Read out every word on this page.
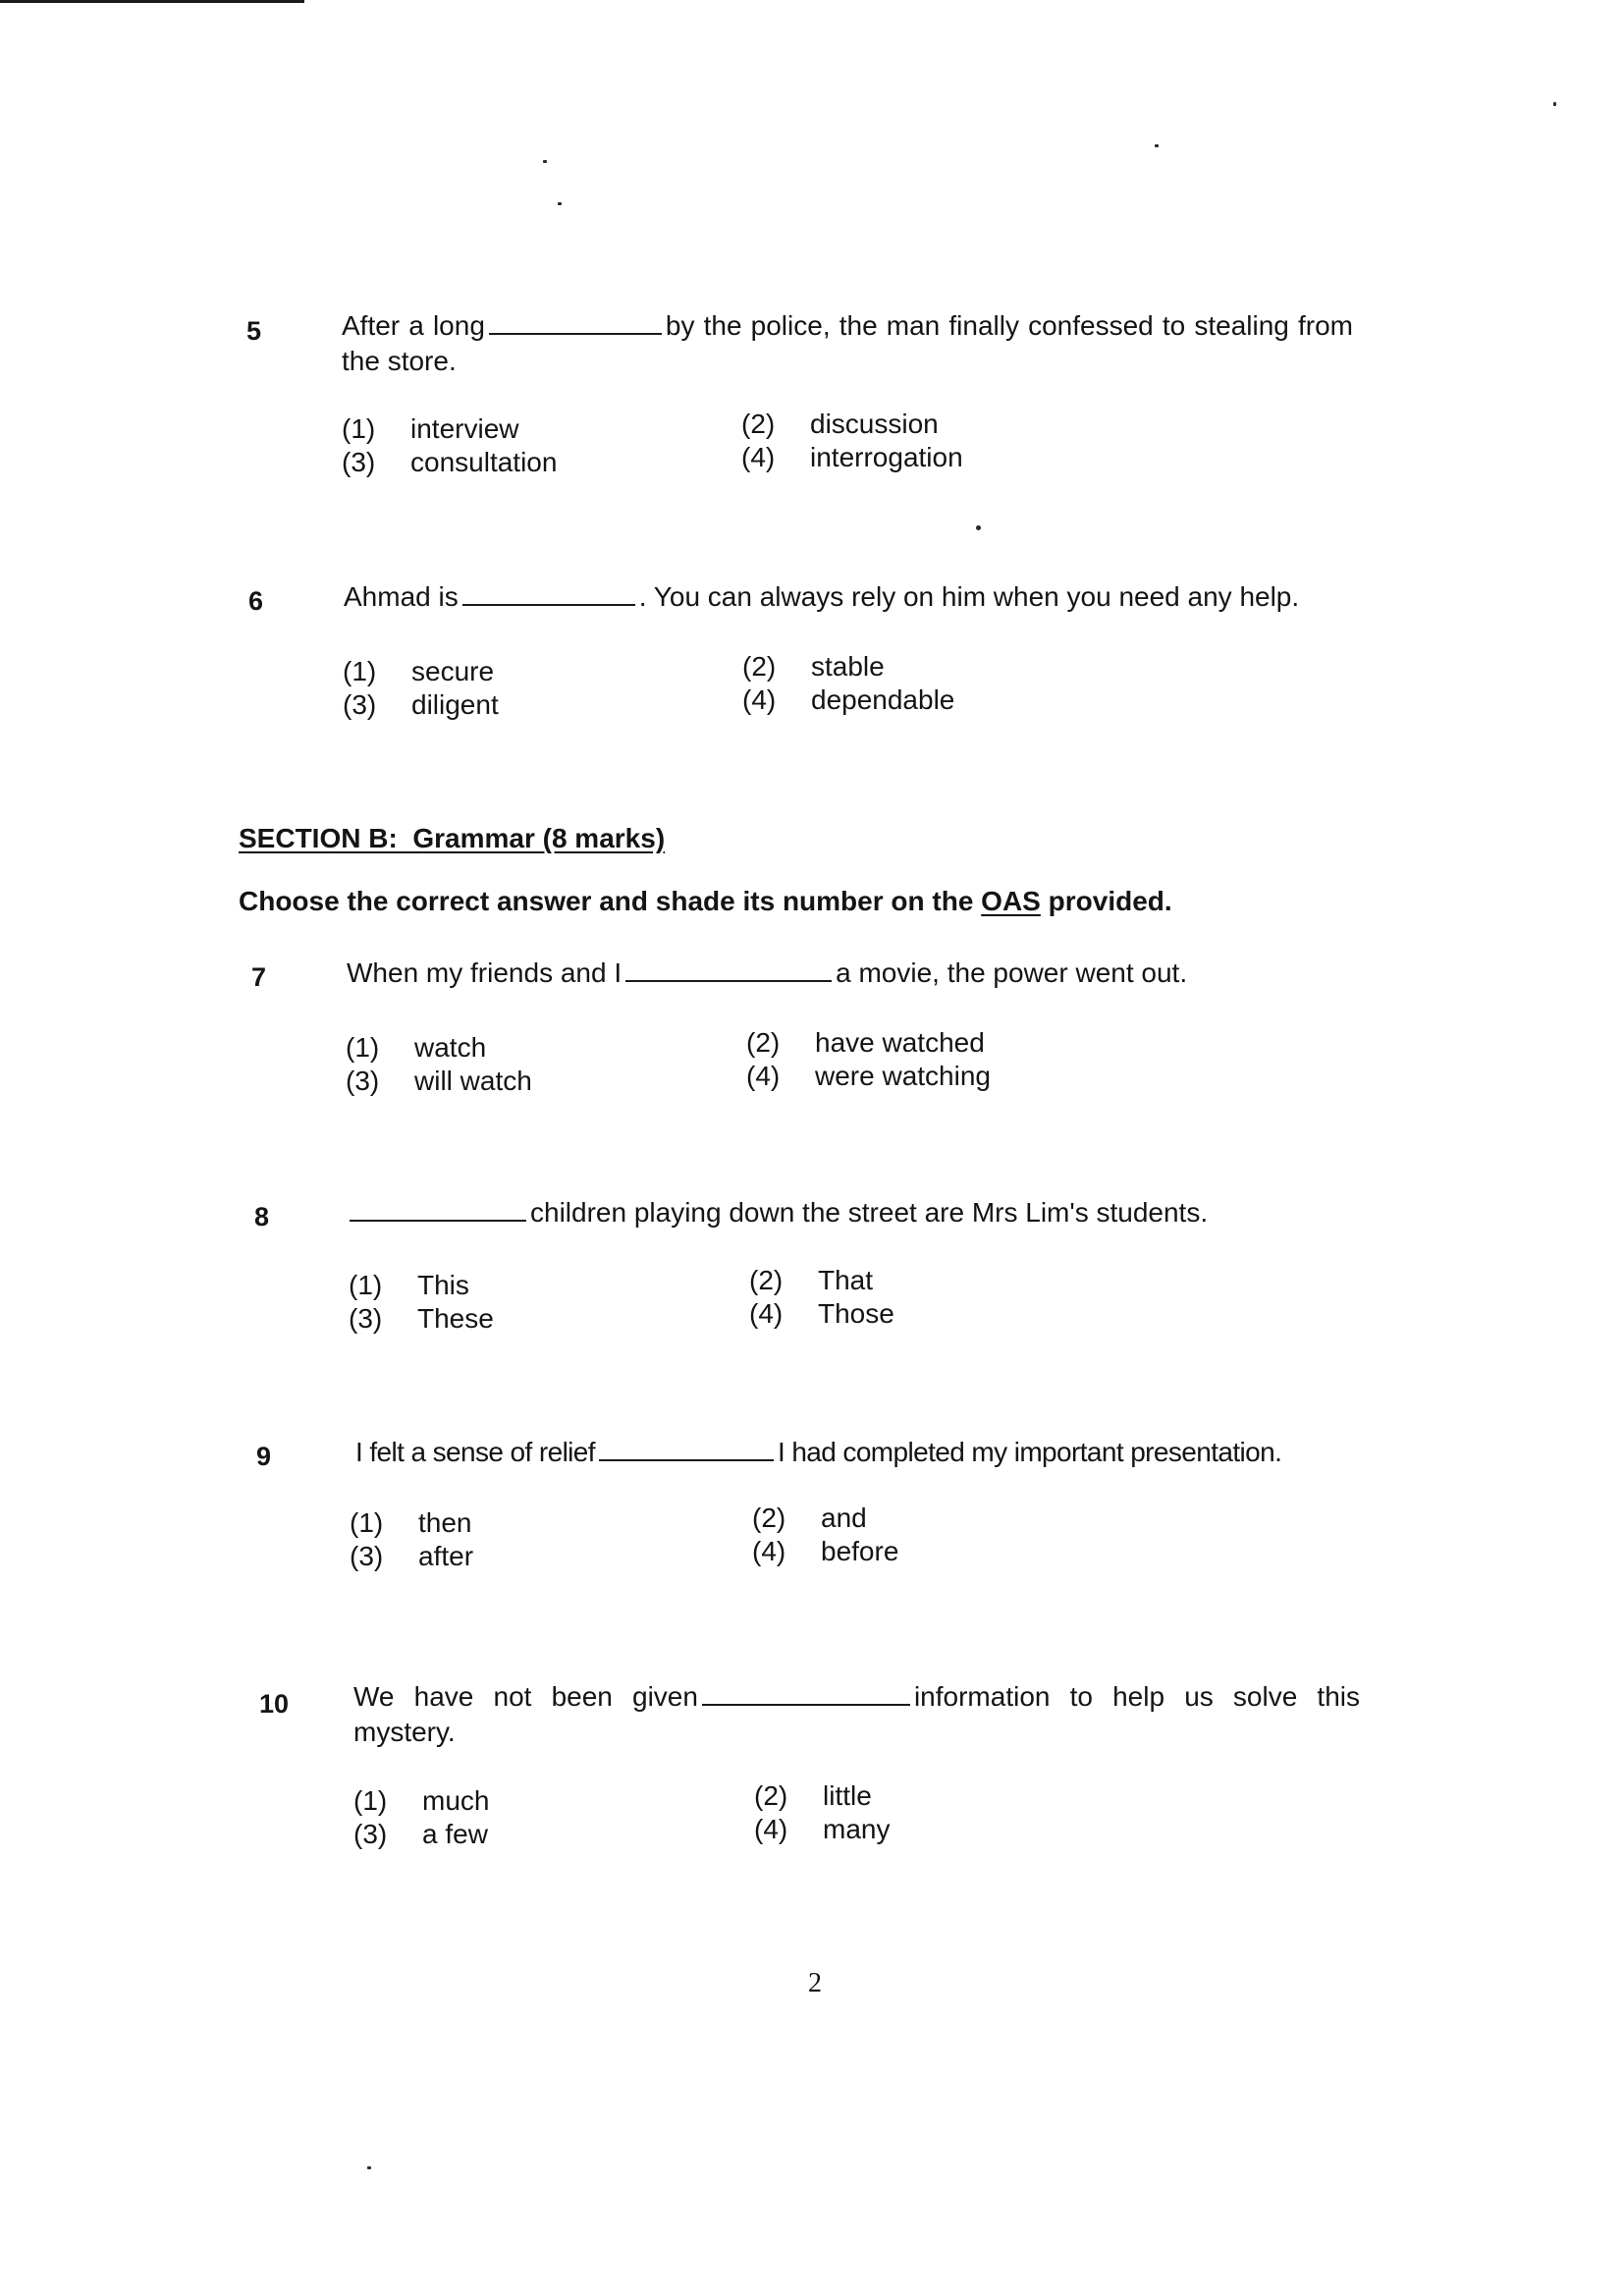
5	After a long	by the police, the man finally confessed to stealing from the store.
(1) interview	(2) discussion
(3) consultation	(4) interrogation
6	Ahmad is	. You can always rely on him when you need any help.
(1) secure	(2) stable
(3) diligent	(4) dependable
SECTION B:  Grammar (8 marks)
Choose the correct answer and shade its number on the OAS provided.
7	When my friends and I	a movie, the power went out.
(1) watch	(2) have watched
(3) will watch	(4) were watching
8	children playing down the street are Mrs Lim's students.
(1) This	(2) That
(3) These	(4) Those
9	I felt a sense of relief	I had completed my important presentation.
(1) then	(2) and
(3) after	(4) before
10 We have not been given	information to help us solve this mystery.
(1) much	(2) little
(3) a few	(4) many
2
